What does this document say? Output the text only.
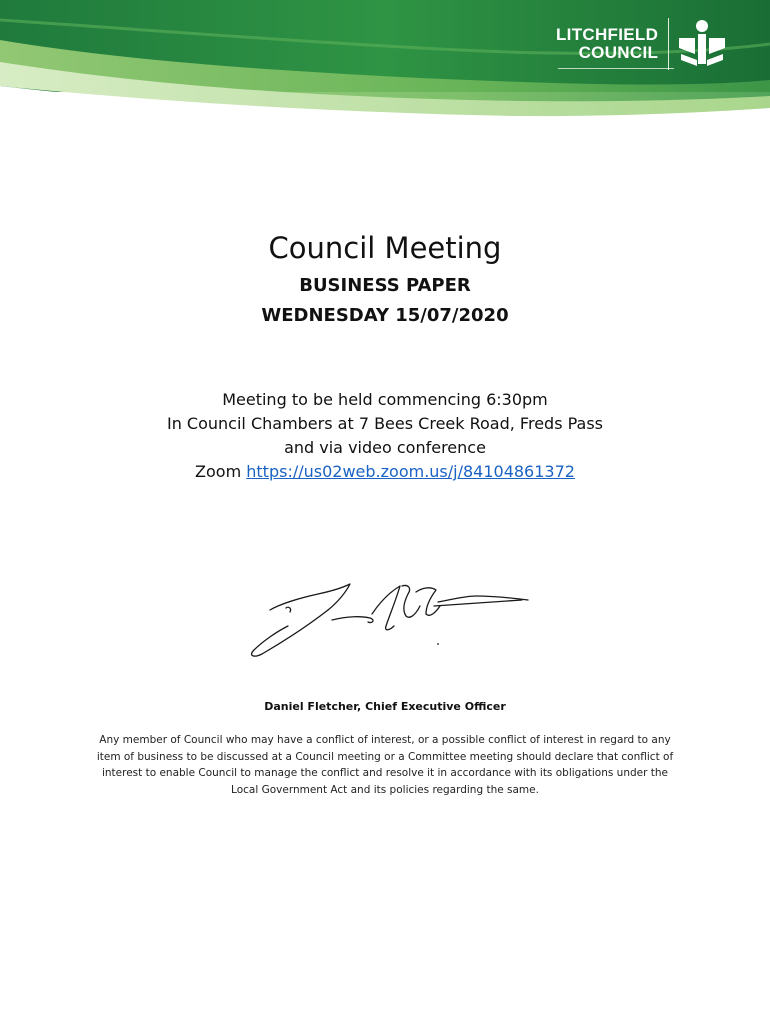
LITCHFIELD
COUNCIL
Council Meeting
BUSINESS PAPER
WEDNESDAY 15/07/2020
Meeting to be held commencing 6:30pm
In Council Chambers at 7 Bees Creek Road, Freds Pass
and via video conference
Zoom https://us02web.zoom.us/j/84104861372
Daniel Fletcher, Chief Executive Officer
Any member of Council who may have a conflict of interest, or a possible conflict of interest in regard to any item of business to be discussed at a Council meeting or a Committee meeting should declare that conflict of interest to enable Council to manage the conflict and resolve it in accordance with its obligations under the Local Government Act and its policies regarding the same.
